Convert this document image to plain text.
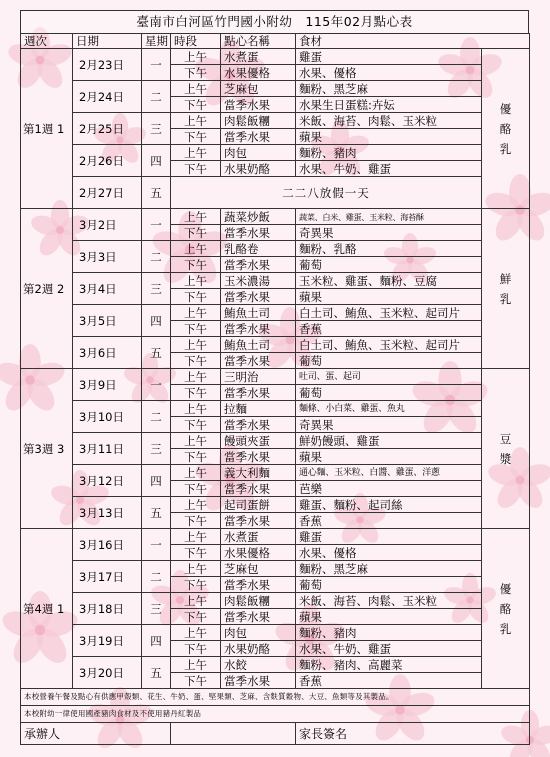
臺南市白河區竹門國小附幼　115年02月點心表
週次	日期	星期	時段	點心名稱	食材	
第1週 1	2月23日	一	上午	水煮蛋	雞蛋	優
酪
乳

			下午	水果優格	水果、優格	
	2月24日	二	上午	芝麻包	麵粉、黑芝麻	
			下午	當季水果	水果生日蛋糕:卉妘	
	2月25日	三	上午	肉鬆飯糰	米飯、海苔、肉鬆、玉米粒	
			下午	當季水果	蘋果	
	2月26日	四	上午	肉包	麵粉、豬肉	
			下午	水果奶酪	水果、牛奶、雞蛋	
	2月27日	五	二二八放假一天			
第2週 2	3月2日	一	上午	蔬菜炒飯	蔬菜、白米、雞蛋、玉米粒、海苔酥	鮮
乳

			下午	當季水果	奇異果	
	3月3日	二	上午	乳酪卷	麵粉、乳酪	
			下午	當季水果	葡萄	
	3月4日	三	上午	玉米濃湯	玉米粒、雞蛋、麵粉、豆腐	
			下午	當季水果	蘋果	
	3月5日	四	上午	鮪魚土司	白土司、鮪魚、玉米粒、起司片	
			下午	當季水果	香蕉	
	3月6日	五	上午	鮪魚土司	白土司、鮪魚、玉米粒、起司片	
			下午	當季水果	葡萄	
第3週 3	3月9日	一	上午	三明治	吐司、蛋、起司	豆
漿

			下午	當季水果	葡萄	
	3月10日	二	上午	拉麵	麵條、小白菜、雞蛋、魚丸	
			下午	當季水果	奇異果	
	3月11日	三	上午	饅頭夾蛋	鮮奶饅頭、雞蛋	
			下午	當季水果	蘋果	
	3月12日	四	上午	義大利麵	通心麵、玉米粒、白醬、雞蛋、洋蔥	
			下午	當季水果	芭樂	
	3月13日	五	上午	起司蛋餅	雞蛋、麵粉、起司絲	
			下午	當季水果	香蕉	
第4週 1	3月16日	一	上午	水煮蛋	雞蛋	優
酪
乳

			下午	水果優格	水果、優格	
	3月17日	二	上午	芝麻包	麵粉、黑芝麻	
			下午	當季水果	葡萄	
	3月18日	三	上午	肉鬆飯糰	米飯、海苔、肉鬆、玉米粒	
			下午	當季水果	蘋果	
	3月19日	四	上午	肉包	麵粉、豬肉	
			下午	水果奶酪	水果、牛奶、雞蛋	
	3月20日	五	上午	水餃	麵粉、豬肉、高麗菜	
			下午	當季水果	香蕉	
本校營養午餐及點心有供應甲殼類、花生、牛奶、蛋、堅果類、芝麻、含麩質穀物、大豆、魚類等及其製品。						
本校附幼一律使用國產豬肉食材及不使用豬丹紅製品						
承辦人					家長簽名	
